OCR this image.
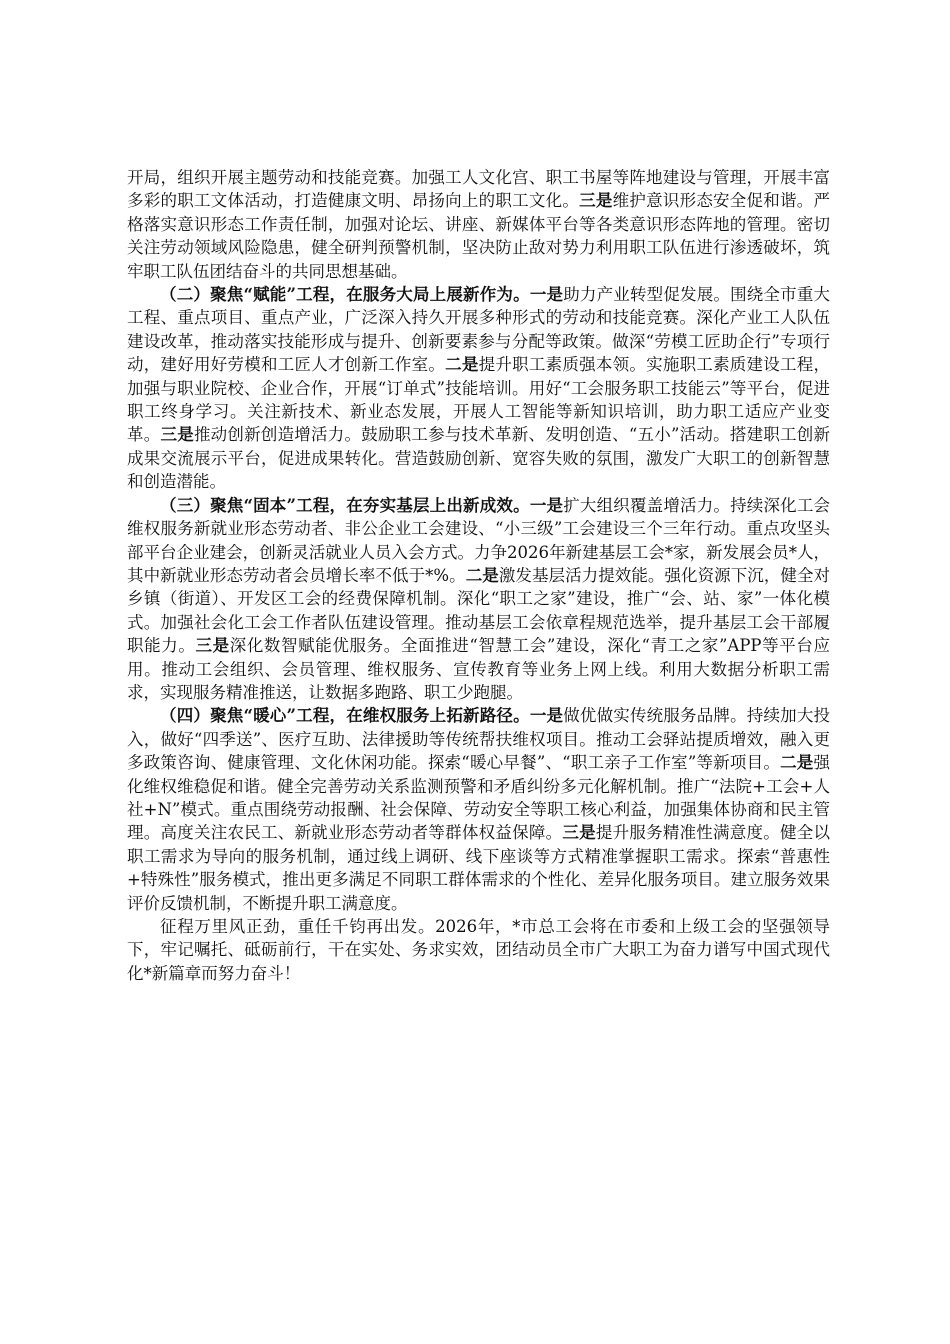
开局，组织开展主题劳动和技能竞赛。加强工人文化宫、职工书屋等阵地建设与管理，开展丰富多彩的职工文体活动，打造健康文明、昂扬向上的职工文化。三是维护意识形态安全促和谐。严格落实意识形态工作责任制，加强对论坛、讲座、新媒体平台等各类意识形态阵地的管理。密切关注劳动领域风险隐患，健全研判预警机制，坚决防止敌对势力利用职工队伍进行渗透破坏，筑牢职工队伍团结奋斗的共同思想基础。

（二）聚焦“赋能”工程，在服务大局上展新作为。一是助力产业转型促发展。围绕全市重大工程、重点项目、重点产业，广泛深入持久开展多种形式的劳动和技能竞赛。深化产业工人队伍建设改革，推动落实技能形成与提升、创新要素参与分配等政策。做深“劳模工匠助企行”专项行动，建好用好劳模和工匠人才创新工作室。二是提升职工素质强本领。实施职工素质建设工程，加强与职业院校、企业合作，开展“订单式”技能培训。用好“工会服务职工技能云”等平台，促进职工终身学习。关注新技术、新业态发展，开展人工智能等新知识培训，助力职工适应产业变革。三是推动创新创造增活力。鼓励职工参与技术革新、发明创造、“五小”活动。搭建职工创新成果交流展示平台，促进成果转化。营造鼓励创新、宽容失败的氛围，激发广大职工的创新智慧和创造潜能。

（三）聚焦“固本”工程，在夯实基层上出新成效。一是扩大组织覆盖增活力。持续深化工会维权服务新就业形态劳动者、非公企业工会建设、“小三级”工会建设三个三年行动。重点攻坚头部平台企业建会，创新灵活就业人员入会方式。力争2026年新建基层工会*家，新发展会员*人，其中新就业形态劳动者会员增长率不低于*%。二是激发基层活力提效能。强化资源下沉，健全对乡镇（街道）、开发区工会的经费保障机制。深化“职工之家”建设，推广“会、站、家”一体化模式。加强社会化工会工作者队伍建设管理。推动基层工会依章程规范选举，提升基层工会干部履职能力。三是深化数智赋能优服务。全面推进“智慧工会”建设，深化“青工之家”APP等平台应用。推动工会组织、会员管理、维权服务、宣传教育等业务上网上线。利用大数据分析职工需求，实现服务精准推送，让数据多跑路、职工少跑腿。

（四）聚焦“暖心”工程，在维权服务上拓新路径。一是做优做实传统服务品牌。持续加大投入，做好“四季送”、医疗互助、法律援助等传统帮扶维权项目。推动工会驿站提质增效，融入更多政策咨询、健康管理、文化休闲功能。探索“暖心早餐”、“职工亲子工作室”等新项目。二是强化维权维稳促和谐。健全完善劳动关系监测预警和矛盾纠纷多元化解机制。推广“法院+工会+人社+N”模式。重点围绕劳动报酬、社会保障、劳动安全等职工核心利益，加强集体协商和民主管理。高度关注农民工、新就业形态劳动者等群体权益保障。三是提升服务精准性满意度。健全以职工需求为导向的服务机制，通过线上调研、线下座谈等方式精准掌握职工需求。探索“普惠性+特殊性”服务模式，推出更多满足不同职工群体需求的个性化、差异化服务项目。建立服务效果评价反馈机制，不断提升职工满意度。

征程万里风正劲，重任千钧再出发。2026年，*市总工会将在市委和上级工会的坚强领导下，牢记嘱托、砥砺前行，干在实处、务求实效，团结动员全市广大职工为奋力谱写中国式现代化*新篇章而努力奋斗！
